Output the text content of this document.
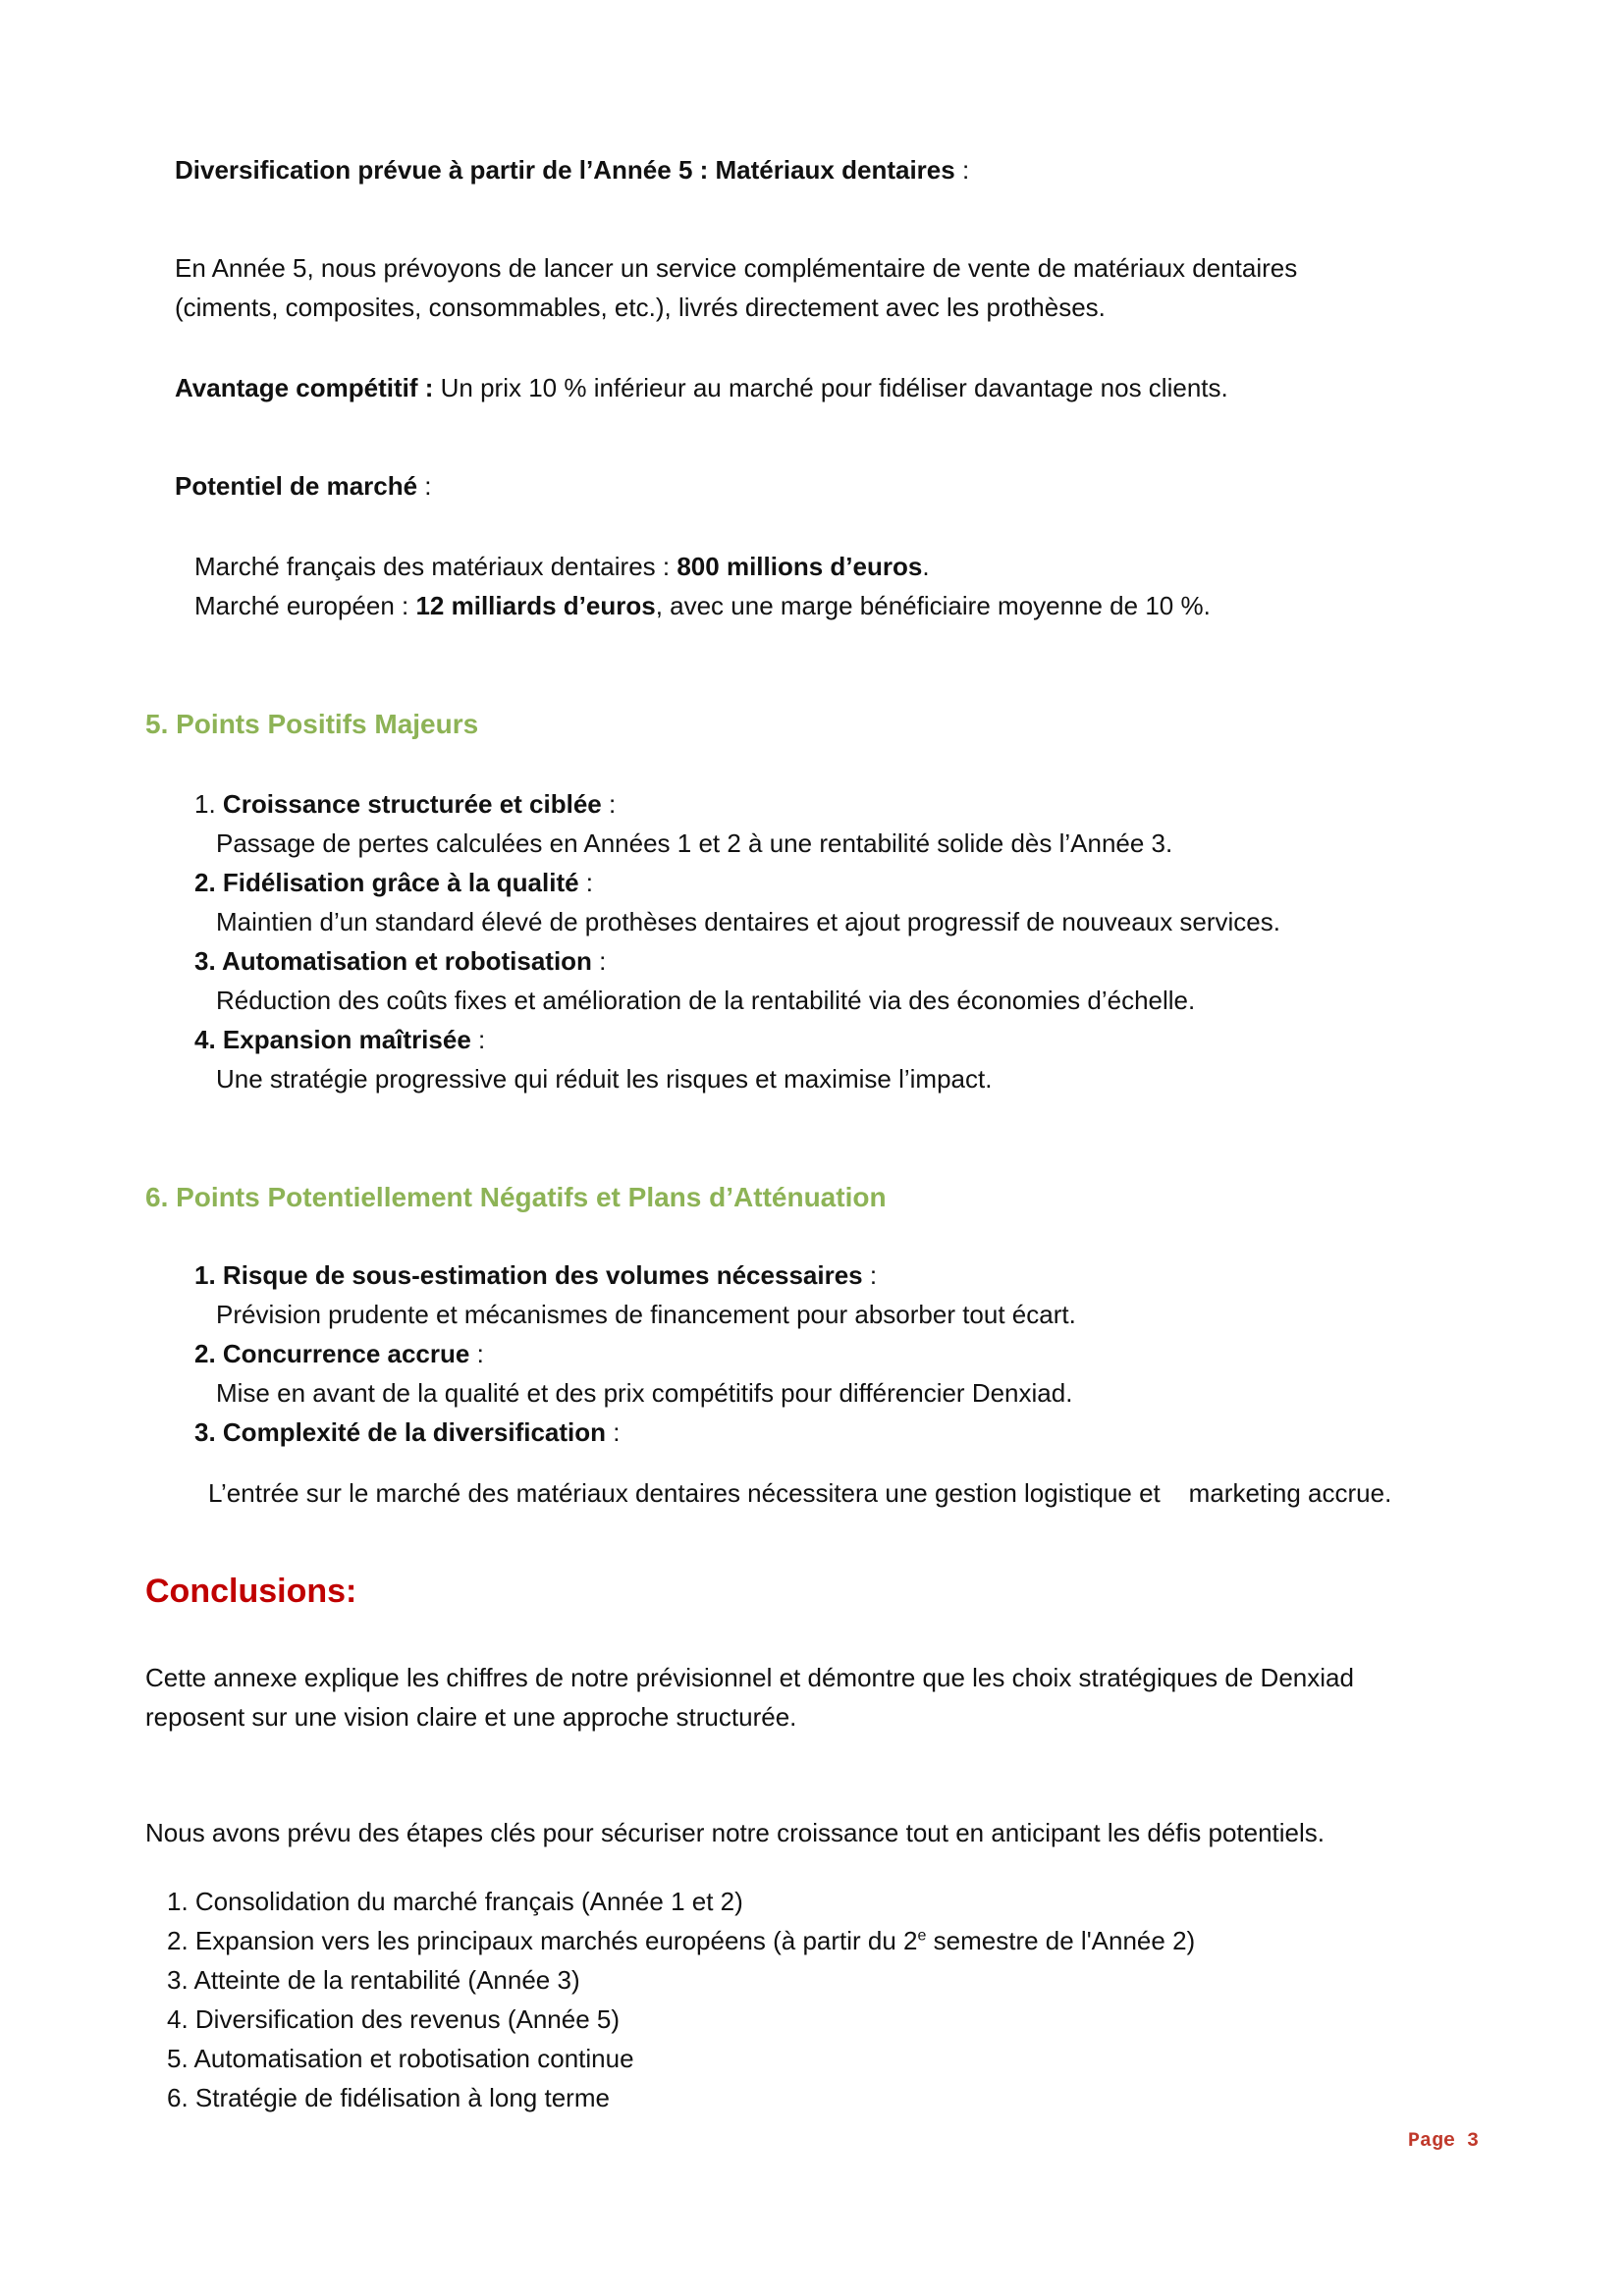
Diversification prévue à partir de l’Année 5 : Matériaux dentaires :
En Année 5, nous prévoyons de lancer un service complémentaire de vente de matériaux dentaires
(ciments, composites, consommables, etc.), livrés directement avec les prothèses.
Avantage compétitif : Un prix 10 % inférieur au marché pour fidéliser davantage nos clients.
Potentiel de marché :
Marché français des matériaux dentaires : 800 millions d’euros.
Marché européen : 12 milliards d’euros, avec une marge bénéficiaire moyenne de 10 %.
5. Points Positifs Majeurs
1. Croissance structurée et ciblée :
Passage de pertes calculées en Années 1 et 2 à une rentabilité solide dès l’Année 3.
2. Fidélisation grâce à la qualité :
Maintien d’un standard élevé de prothèses dentaires et ajout progressif de nouveaux services.
3. Automatisation et robotisation :
Réduction des coûts fixes et amélioration de la rentabilité via des économies d’échelle.
4. Expansion maîtrisée :
Une stratégie progressive qui réduit les risques et maximise l’impact.
6. Points Potentiellement Négatifs et Plans d’Atténuation
1. Risque de sous-estimation des volumes nécessaires :
Prévision prudente et mécanismes de financement pour absorber tout écart.
2. Concurrence accrue :
Mise en avant de la qualité et des prix compétitifs pour différencier Denxiad.
3. Complexité de la diversification :
L’entrée sur le marché des matériaux dentaires nécessitera une gestion logistique et    marketing accrue.
Conclusions:
Cette annexe explique les chiffres de notre prévisionnel et démontre que les choix stratégiques de Denxiad
reposent sur une vision claire et une approche structurée.
Nous avons prévu des étapes clés pour sécuriser notre croissance tout en anticipant les défis potentiels.
1. Consolidation du marché français (Année 1 et 2)
2. Expansion vers les principaux marchés européens (à partir du 2e semestre de l'Année 2)
3. Atteinte de la rentabilité (Année 3)
4. Diversification des revenus (Année 5)
5. Automatisation et robotisation continue
6. Stratégie de fidélisation à long terme
Page 3
